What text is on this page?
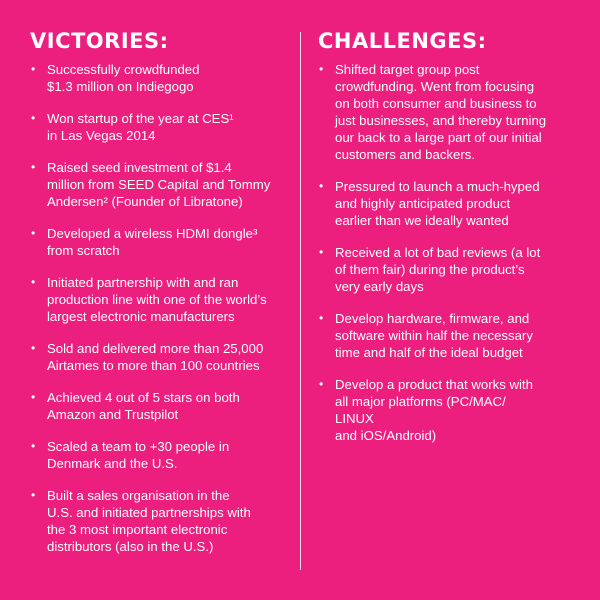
VICTORIES:
• Successfully crowdfunded
$1.3 million on Indiegogo
• Won startup of the year at CES¹
in Las Vegas 2014
• Raised seed investment of $1.4
million from SEED Capital and Tommy
Andersen² (Founder of Libratone)
• Developed a wireless HDMI dongle³
from scratch
• Initiated partnership with and ran
production line with one of the world’s
largest electronic manufacturers
• Sold and delivered more than 25,000
Airtames to more than 100 countries
• Achieved 4 out of 5 stars on both
Amazon and Trustpilot
• Scaled a team to +30 people in
Denmark and the U.S.
• Built a sales organisation in the
U.S. and initiated partnerships with
the 3 most important electronic
distributors (also in the U.S.)
CHALLENGES:
• Shifted target group post
crowdfunding. Went from focusing
on both consumer and business to
just businesses, and thereby turning
our back to a large part of our initial
customers and backers.
• Pressured to launch a much-hyped
and highly anticipated product
earlier than we ideally wanted
• Received a lot of bad reviews (a lot
of them fair) during the product’s
very early days
• Develop hardware, firmware, and
software within half the necessary
time and half of the ideal budget
• Develop a product that works with
all major platforms (PC/MAC/
LINUX
and iOS/Android)
